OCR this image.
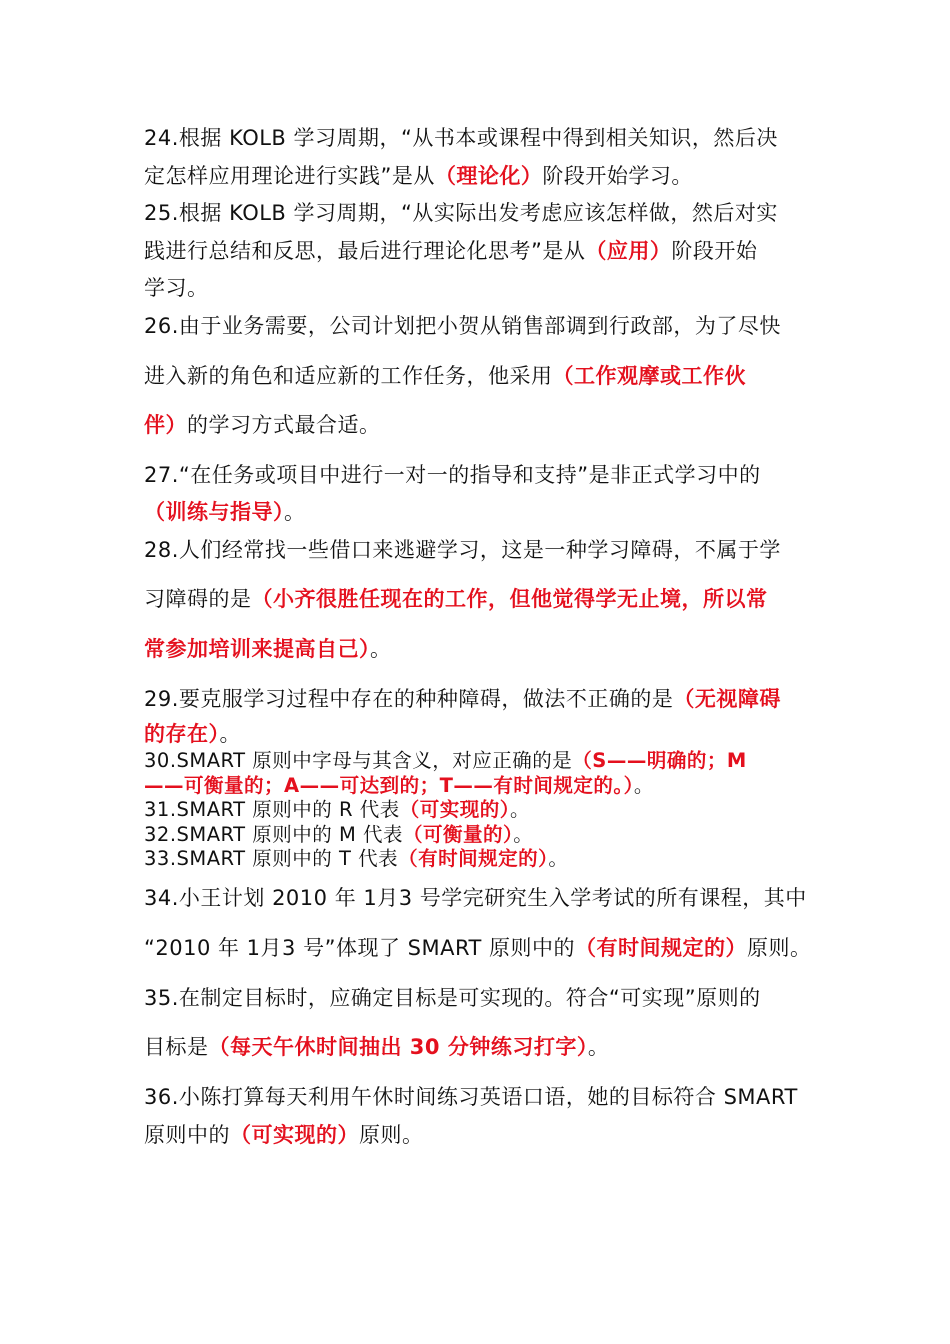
24.根据 KOLB 学习周期，“从书本或课程中得到相关知识，然后决
定怎样应用理论进行实践”是从（理论化）阶段开始学习。
25.根据 KOLB 学习周期，“从实际出发考虑应该怎样做，然后对实
践进行总结和反思，最后进行理论化思考”是从（应用）阶段开始
学习。
26.由于业务需要，公司计划把小贺从销售部调到行政部，为了尽快
进入新的角色和适应新的工作任务，他采用（工作观摩或工作伙
伴）的学习方式最合适。
27.“在任务或项目中进行一对一的指导和支持”是非正式学习中的
（训练与指导）。
28.人们经常找一些借口来逃避学习，这是一种学习障碍，不属于学
习障碍的是（小齐很胜任现在的工作，但他觉得学无止境，所以常
常参加培训来提高自己）。
29.要克服学习过程中存在的种种障碍，做法不正确的是（无视障碍
的存在）。
30.SMART 原则中字母与其含义，对应正确的是（S——明确的；M
——可衡量的；A——可达到的；T——有时间规定的。）。
31.SMART 原则中的 R 代表（可实现的）。
32.SMART 原则中的 M 代表（可衡量的）。
33.SMART 原则中的 T 代表（有时间规定的）。
34.小王计划 2010 年 1月3 号学完研究生入学考试的所有课程，其中
“2010 年 1月3 号”体现了 SMART 原则中的（有时间规定的）原则。
35.在制定目标时，应确定目标是可实现的。符合“可实现”原则的
目标是（每天午休时间抽出 30 分钟练习打字）。
36.小陈打算每天利用午休时间练习英语口语，她的目标符合 SMART
原则中的（可实现的）原则。
